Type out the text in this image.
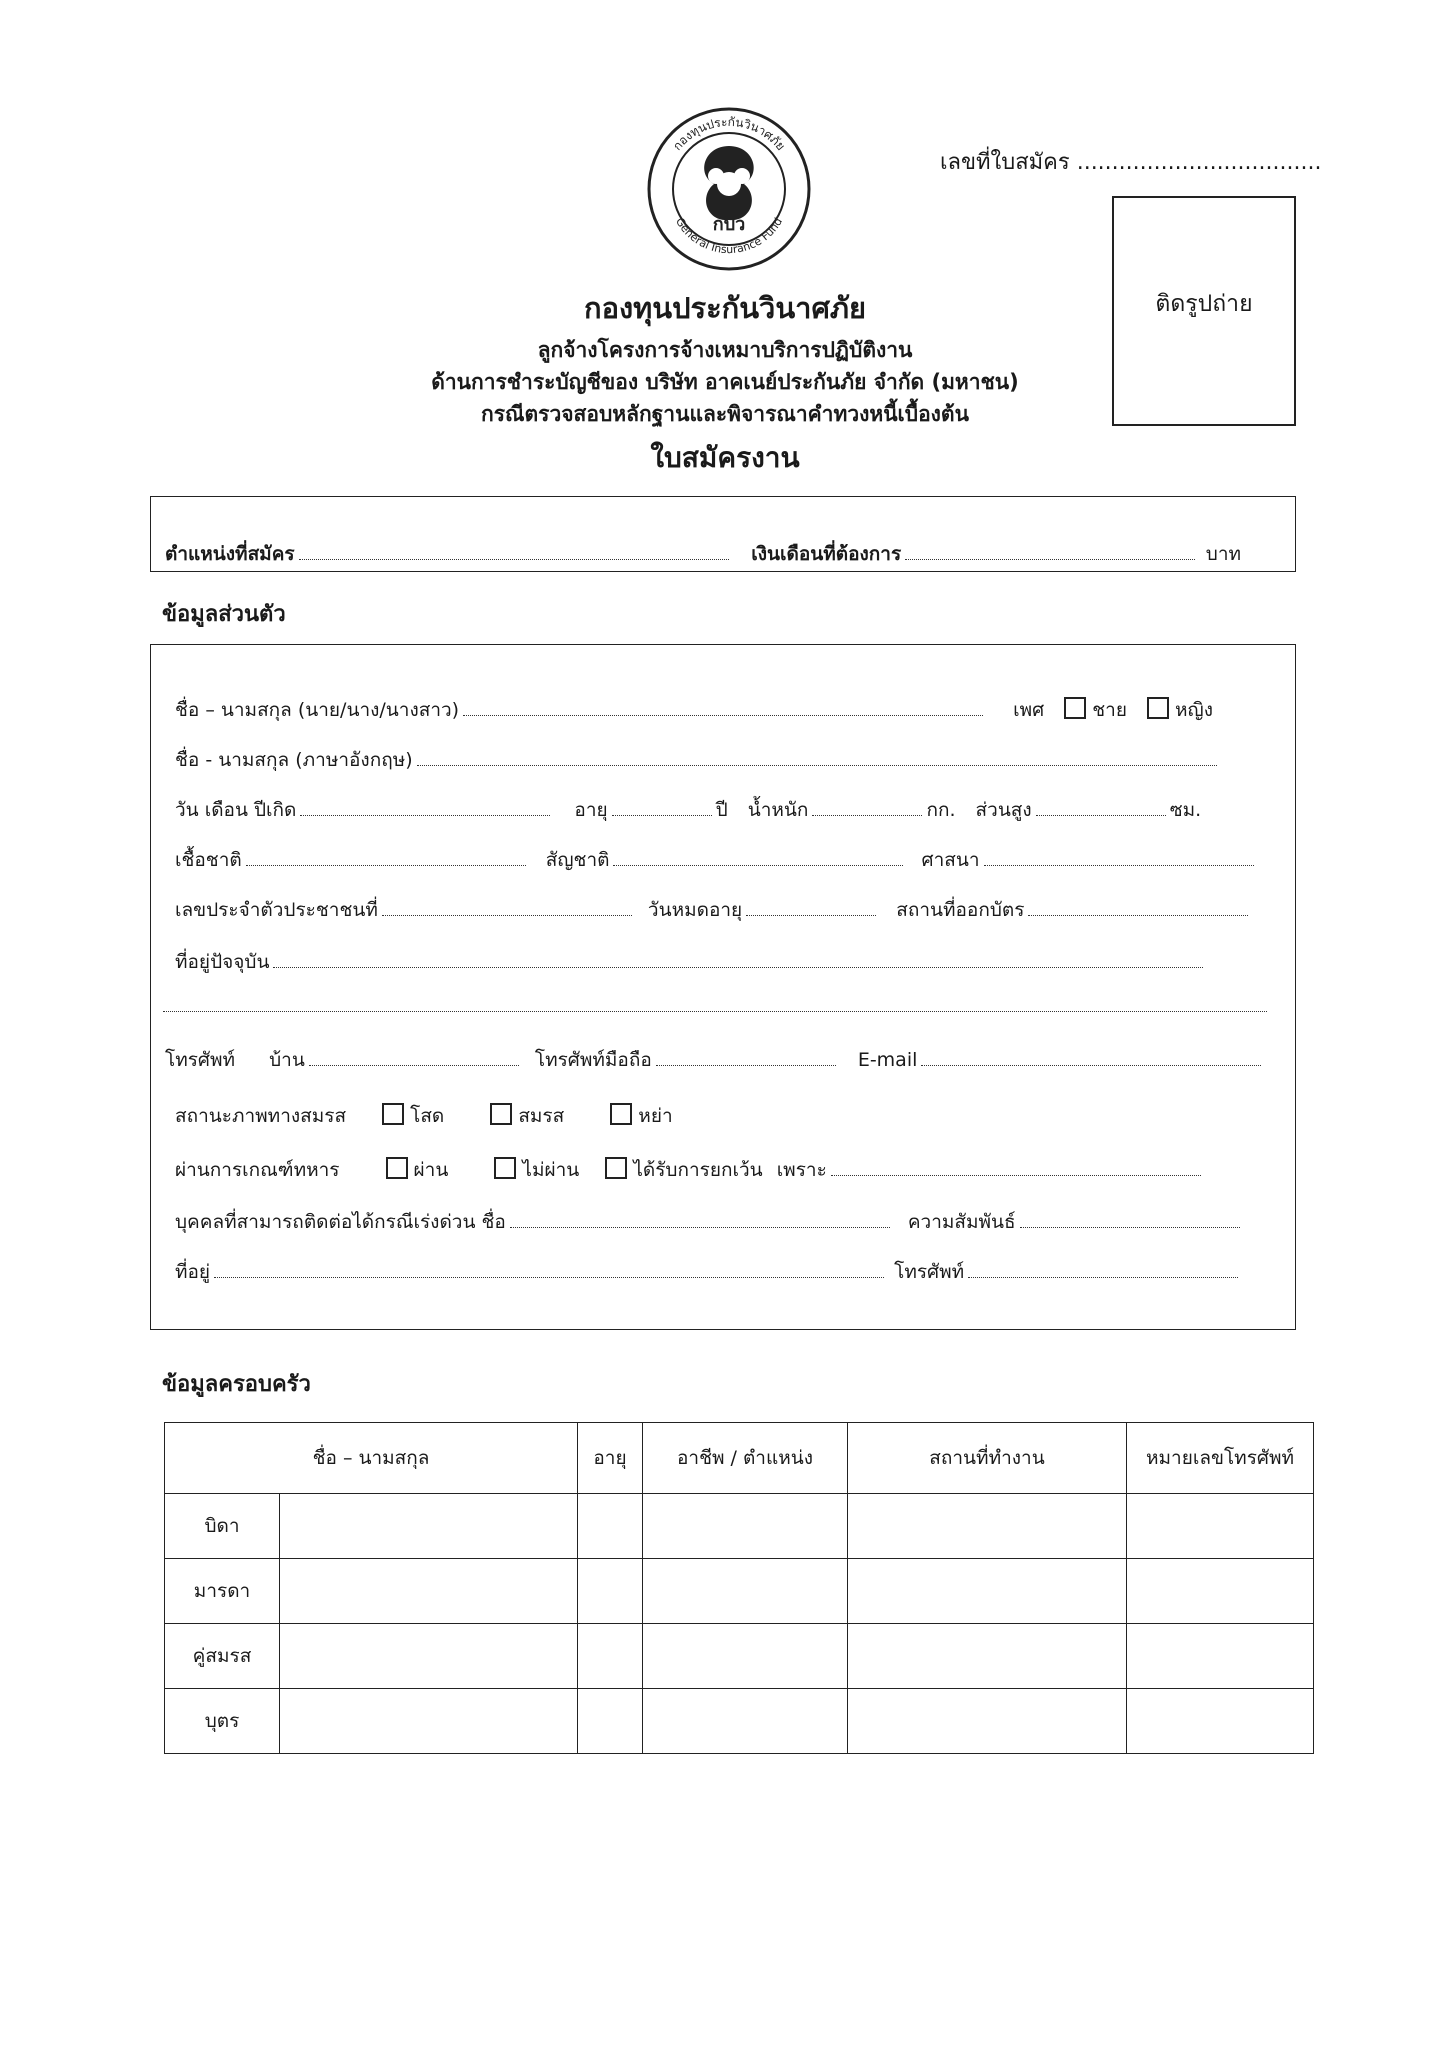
กปว
กองทุนประกันวินาศภัย
General Insurance Fund
เลขที่ใบสมัคร ...................................
ติดรูปถ่าย
กองทุนประกันวินาศภัย
ลูกจ้างโครงการจ้างเหมาบริการปฏิบัติงาน
ด้านการชำระบัญชีของ บริษัท อาคเนย์ประกันภัย จำกัด (มหาชน)
กรณีตรวจสอบหลักฐานและพิจารณาคำทวงหนี้เบื้องต้น
ใบสมัครงาน
ตำแหน่งที่สมัคร	เงินเดือนที่ต้องการ	บาท
ข้อมูลส่วนตัว
ชื่อ – นามสกุล (นาย/นาง/นางสาว)	เพศ	ชาย	หญิง
ชื่อ - นามสกุล (ภาษาอังกฤษ)
วัน เดือน ปีเกิด	อายุ	ปี น้ำหนัก	กก. ส่วนสูง	ซม.
เชื้อชาติ	สัญชาติ	ศาสนา
เลขประจำตัวประชาชนที่	วันหมดอายุ	สถานที่ออกบัตร
ที่อยู่ปัจจุบัน
โทรศัพท์ บ้าน	โทรศัพท์มือถือ	E-mail
สถานะภาพทางสมรส	โสด	สมรส	หย่า
ผ่านการเกณฑ์ทหาร	ผ่าน	ไม่ผ่าน	ได้รับการยกเว้น เพราะ
บุคคลที่สามารถติดต่อได้กรณีเร่งด่วน ชื่อ	ความสัมพันธ์
ที่อยู่	โทรศัพท์
ข้อมูลครอบครัว
ชื่อ – นามสกุล		อายุ	อาชีพ / ตำแหน่ง	สถานที่ทำงาน	หมายเลขโทรศัพท์
บิดา					
มารดา					
คู่สมรส					
บุตร					
